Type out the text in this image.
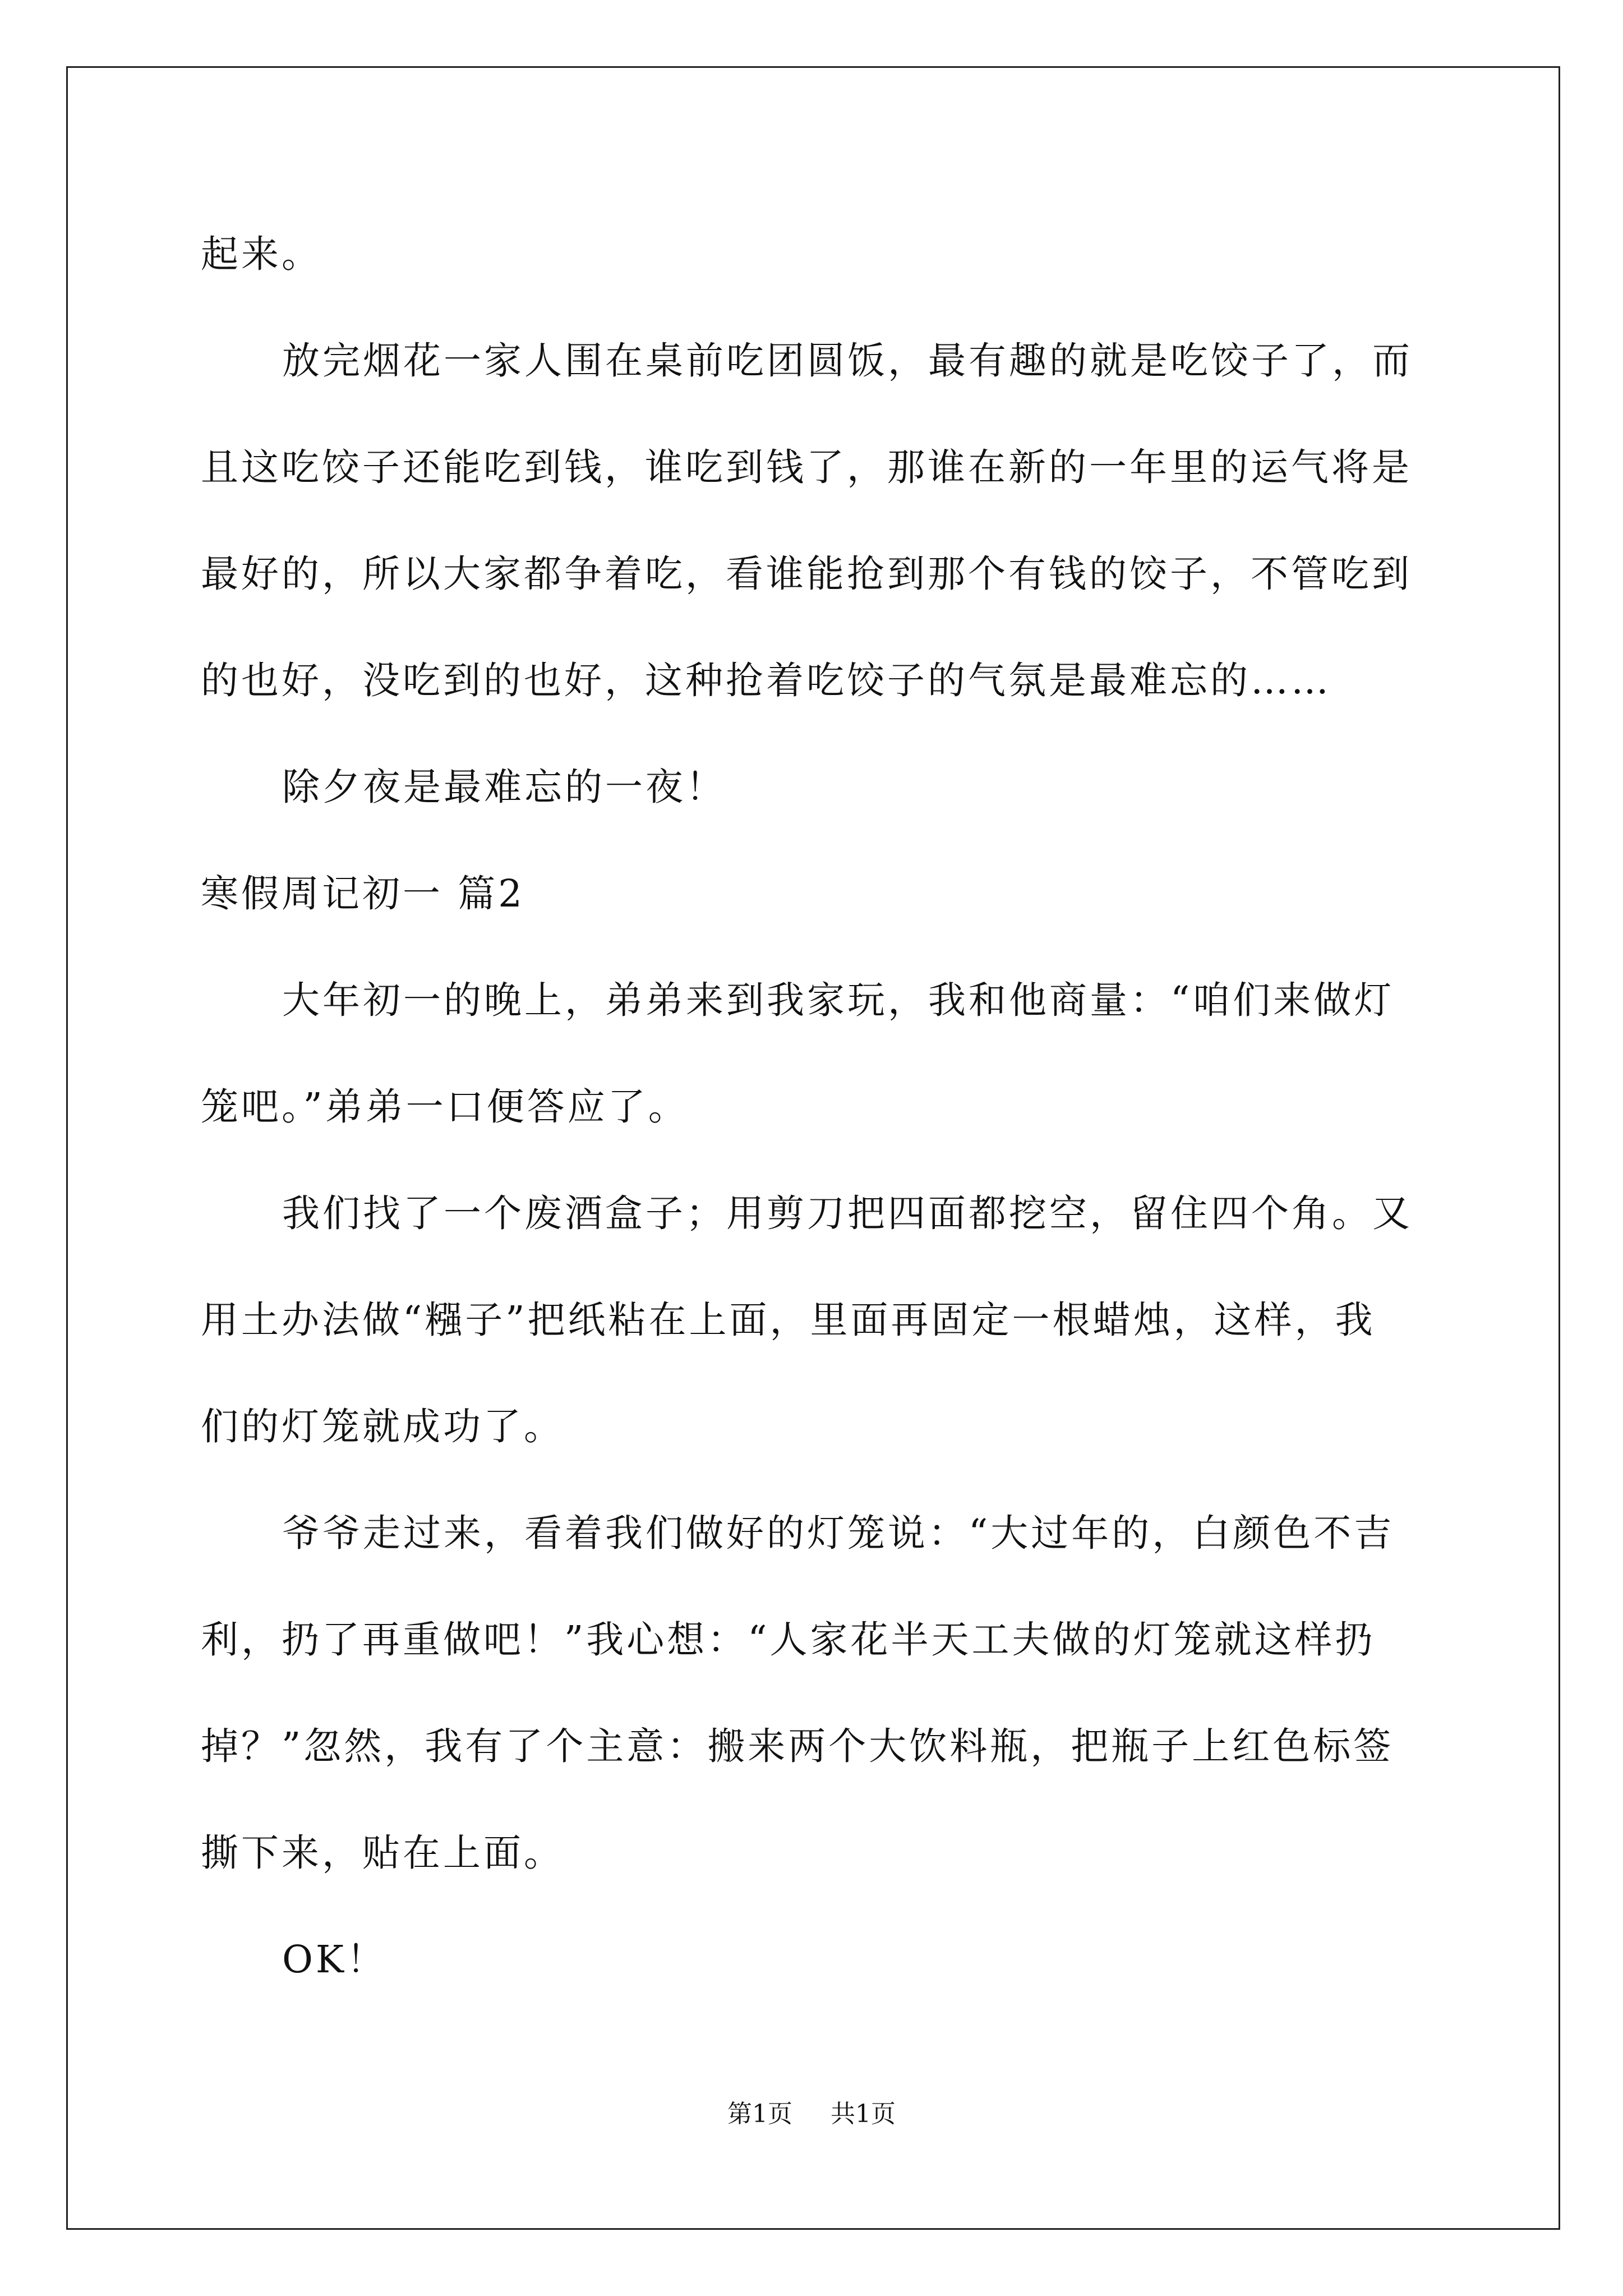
起来。
放完烟花一家人围在桌前吃团圆饭，最有趣的就是吃饺子了，而
且这吃饺子还能吃到钱，谁吃到钱了，那谁在新的一年里的运气将是
最好的，所以大家都争着吃，看谁能抢到那个有钱的饺子，不管吃到
的也好，没吃到的也好，这种抢着吃饺子的气氛是最难忘的……
除夕夜是最难忘的一夜！
寒假周记初一 篇2
大年初一的晚上，弟弟来到我家玩，我和他商量：“咱们来做灯
笼吧。”弟弟一口便答应了。
我们找了一个废酒盒子；用剪刀把四面都挖空，留住四个角。又
用土办法做“糨子”把纸粘在上面，里面再固定一根蜡烛，这样，我
们的灯笼就成功了。
爷爷走过来，看着我们做好的灯笼说：“大过年的，白颜色不吉
利，扔了再重做吧！”我心想：“人家花半天工夫做的灯笼就这样扔
掉？”忽然，我有了个主意：搬来两个大饮料瓶，把瓶子上红色标签
撕下来，贴在上面。
OK！
第1页 共1页
